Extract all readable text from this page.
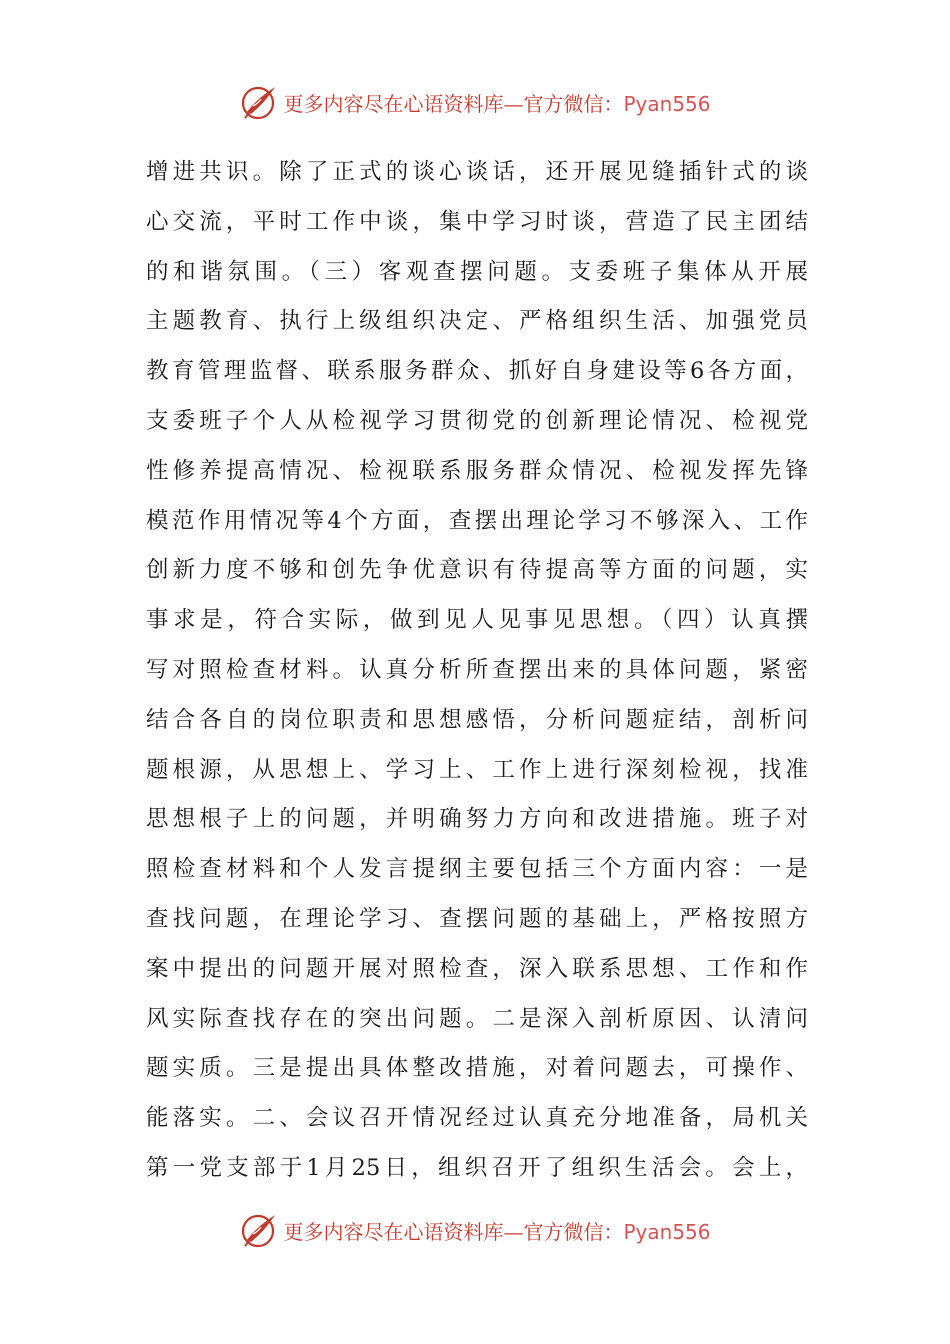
更多内容尽在心语资料库—官方微信：Pyan556
增进共识。除了正式的谈心谈话，还开展见缝插针式的谈
心交流，平时工作中谈，集中学习时谈，营造了民主团结
的和谐氛围。（三）客观查摆问题。支委班子集体从开展
主题教育、执行上级组织决定、严格组织生活、加强党员
教育管理监督、联系服务群众、抓好自身建设等6各方面，
支委班子个人从检视学习贯彻党的创新理论情况、检视党
性修养提高情况、检视联系服务群众情况、检视发挥先锋
模范作用情况等4个方面，查摆出理论学习不够深入、工作
创新力度不够和创先争优意识有待提高等方面的问题，实
事求是，符合实际，做到见人见事见思想。（四）认真撰
写对照检查材料。认真分析所查摆出来的具体问题，紧密
结合各自的岗位职责和思想感悟，分析问题症结，剖析问
题根源，从思想上、学习上、工作上进行深刻检视，找准
思想根子上的问题，并明确努力方向和改进措施。班子对
照检查材料和个人发言提纲主要包括三个方面内容：一是
查找问题，在理论学习、查摆问题的基础上，严格按照方
案中提出的问题开展对照检查，深入联系思想、工作和作
风实际查找存在的突出问题。二是深入剖析原因、认清问
题实质。三是提出具体整改措施，对着问题去，可操作、
能落实。二、会议召开情况经过认真充分地准备，局机关
第一党支部于1月25日，组织召开了组织生活会。会上，
更多内容尽在心语资料库—官方微信：Pyan556
